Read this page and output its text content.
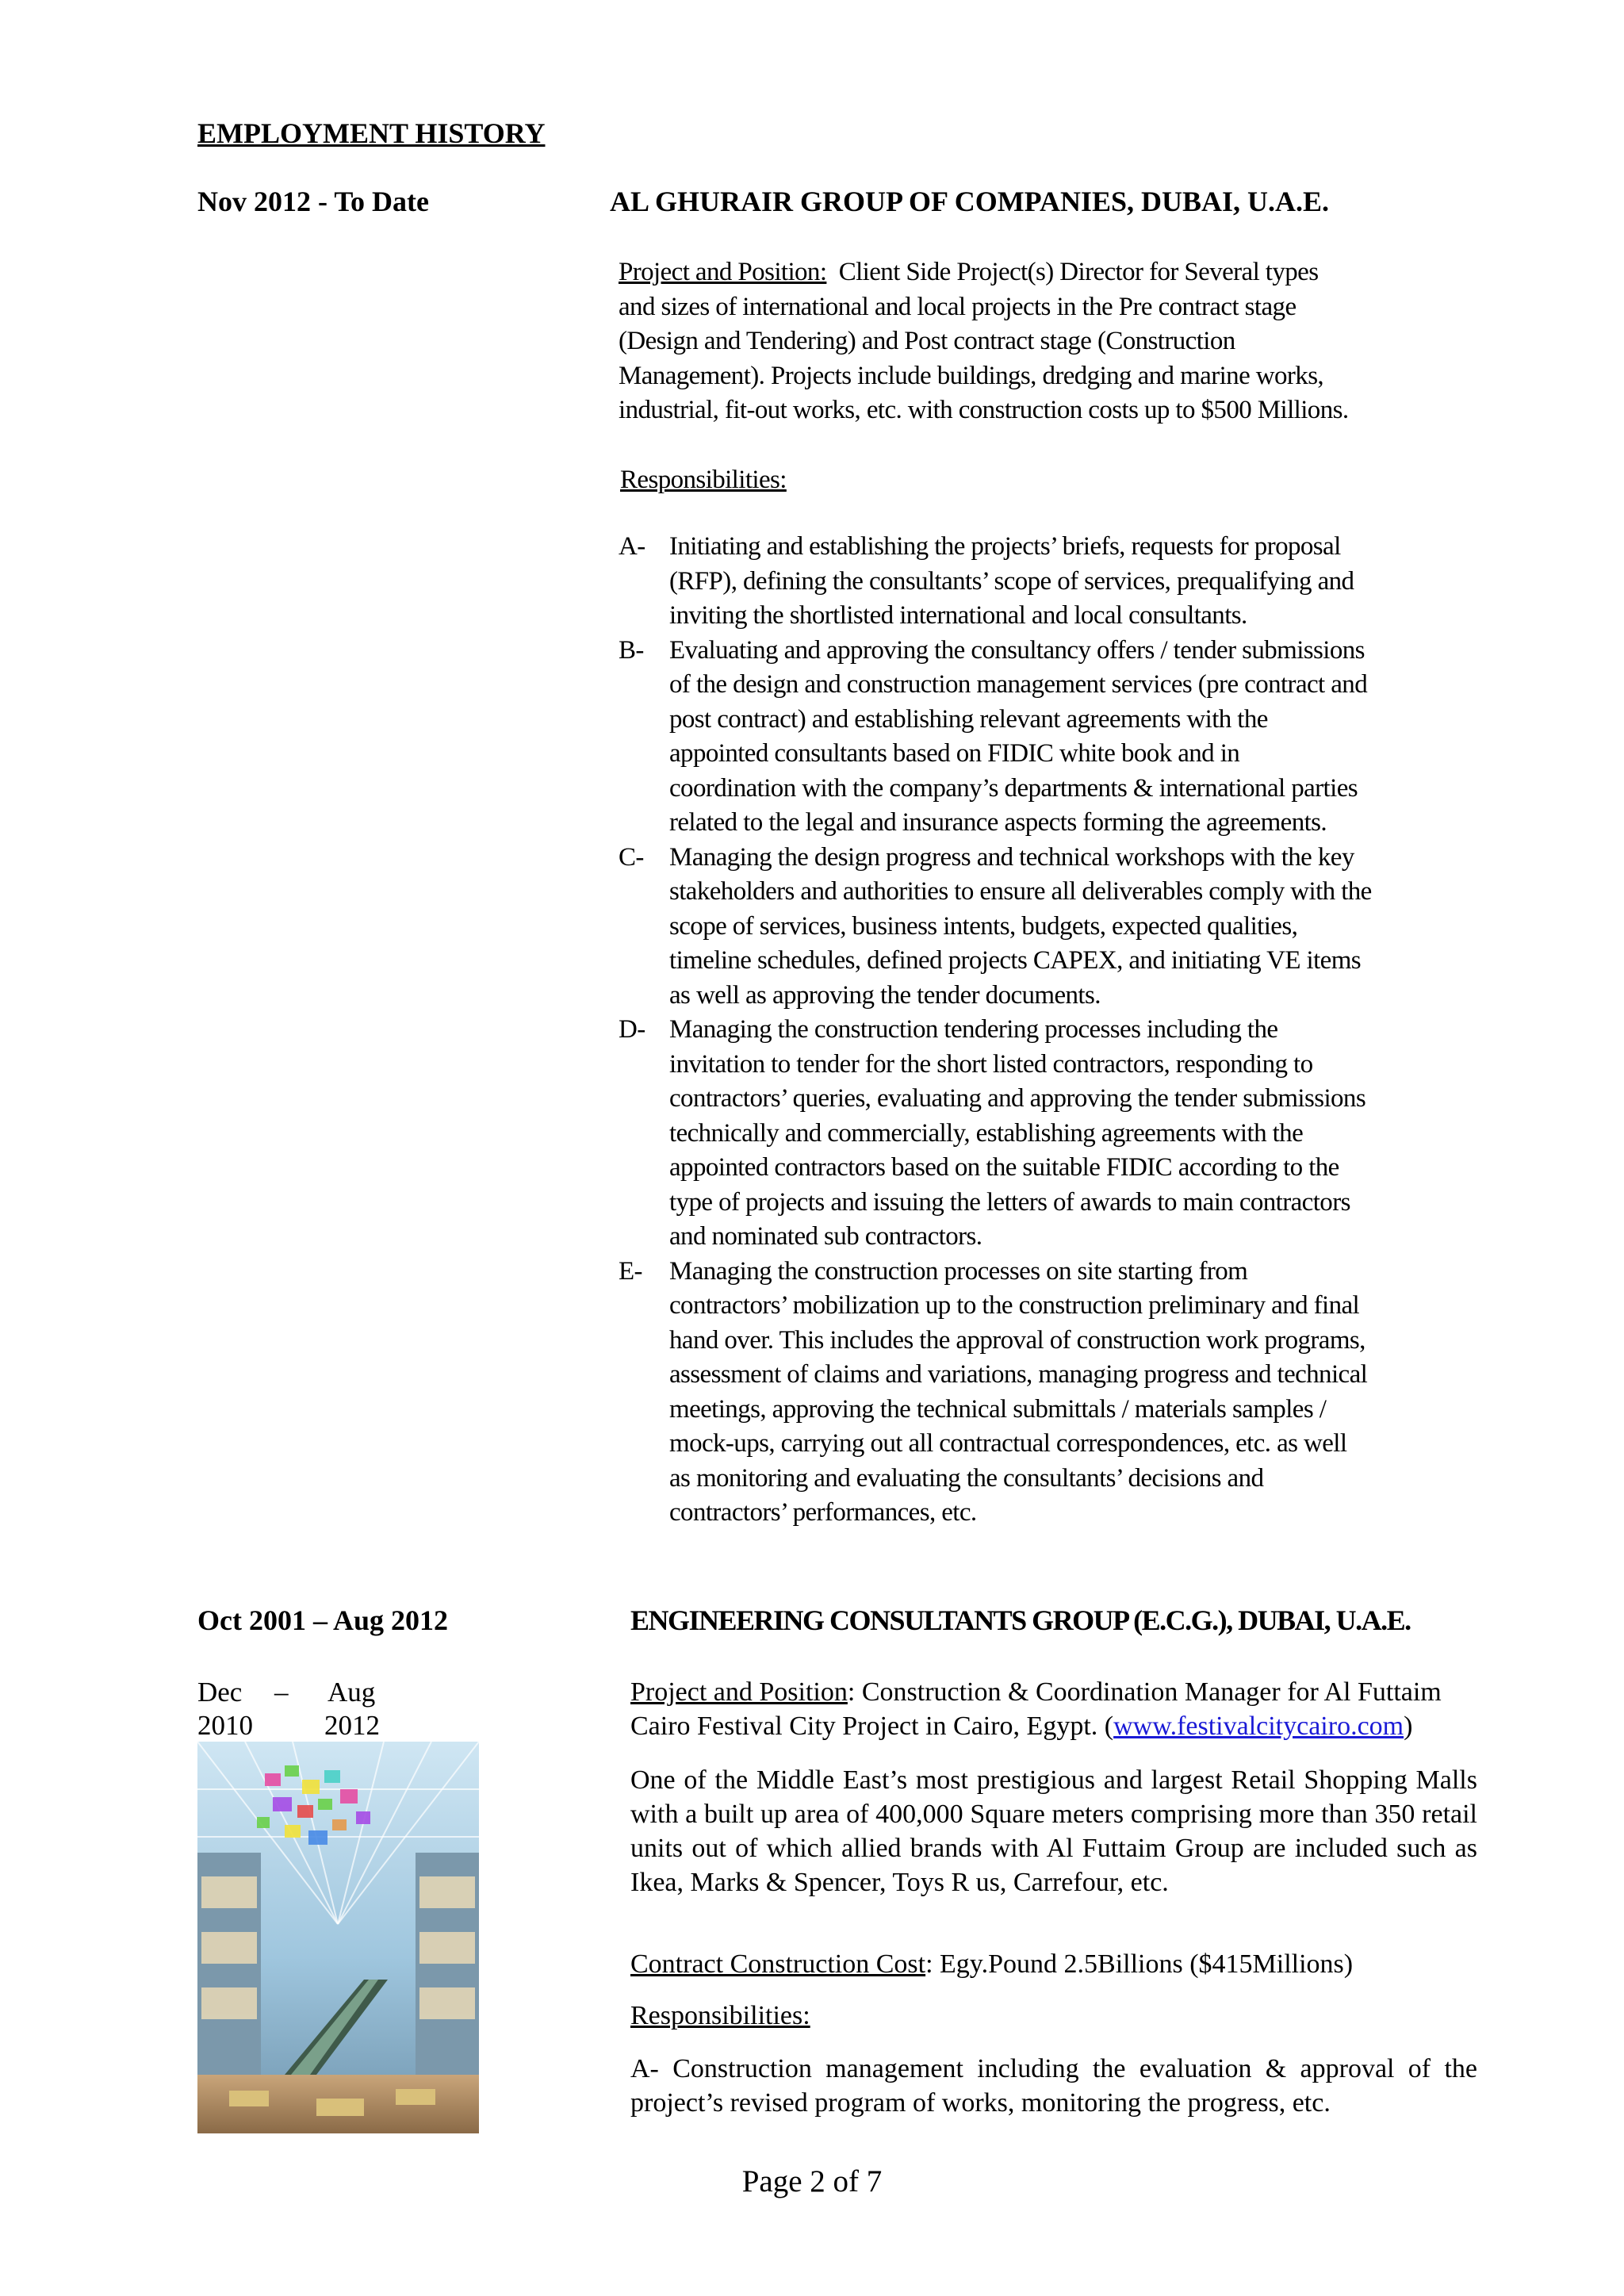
EMPLOYMENT HISTORY
Nov 2012 - To Date	AL GHURAIR GROUP OF COMPANIES, DUBAI, U.A.E.
Project and Position: Client Side Project(s) Director for Several types
and sizes of international and local projects in the Pre contract stage
(Design and Tendering) and Post contract stage (Construction
Management). Projects include buildings, dredging and marine works,
industrial, fit-out works, etc. with construction costs up to $500 Millions.
Responsibilities:
A- Initiating and establishing the projects’ briefs, requests for proposal
(RFP), defining the consultants’ scope of services, prequalifying and
inviting the shortlisted international and local consultants.
B- Evaluating and approving the consultancy offers / tender submissions
of the design and construction management services (pre contract and
post contract) and establishing relevant agreements with the
appointed consultants based on FIDIC white book and in
coordination with the company’s departments & international parties
related to the legal and insurance aspects forming the agreements.
C- Managing the design progress and technical workshops with the key
stakeholders and authorities to ensure all deliverables comply with the
scope of services, business intents, budgets, expected qualities,
timeline schedules, defined projects CAPEX, and initiating VE items
as well as approving the tender documents.
D- Managing the construction tendering processes including the
invitation to tender for the short listed contractors, responding to
contractors’ queries, evaluating and approving the tender submissions
technically and commercially, establishing agreements with the
appointed contractors based on the suitable FIDIC according to the
type of projects and issuing the letters of awards to main contractors
and nominated sub contractors.
E- Managing the construction processes on site starting from
contractors’ mobilization up to the construction preliminary and final
hand over. This includes the approval of construction work programs,
assessment of claims and variations, managing progress and technical
meetings, approving the technical submittals / materials samples /
mock-ups, carrying out all contractual correspondences, etc. as well
as monitoring and evaluating the consultants’ decisions and
contractors’ performances, etc.
Oct 2001 – Aug 2012	ENGINEERING CONSULTANTS GROUP (E.C.G.), DUBAI, U.A.E.
Dec – Aug
2010	2012
Project and Position: Construction & Coordination Manager for Al Futtaim
Cairo Festival City Project in Cairo, Egypt. (www.festivalcitycairo.com)
One of the Middle East’s most prestigious and largest Retail Shopping Malls with a built up area of 400,000 Square meters comprising more than 350 retail units out of which allied brands with Al Futtaim Group are included such as Ikea, Marks & Spencer, Toys R us, Carrefour, etc.
Contract Construction Cost: Egy.Pound 2.5Billions ($415Millions)
Responsibilities:
A- Construction management including the evaluation & approval of the project’s revised program of works, monitoring the progress, etc.
Page 2 of 7
